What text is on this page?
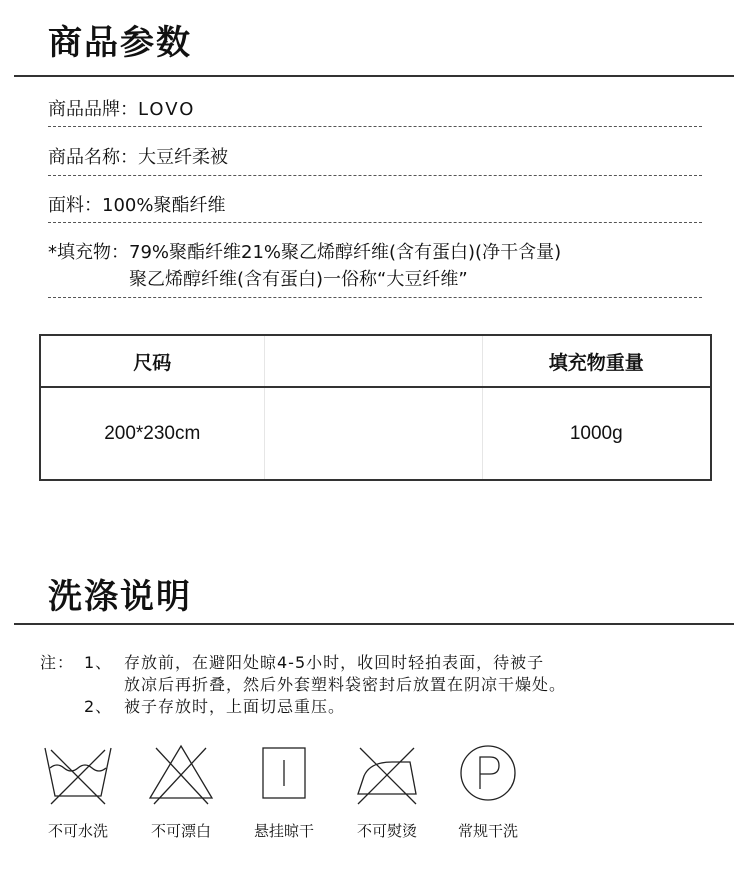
商品参数
商品品牌：LOVO
商品名称：大豆纤柔被
面料：100%聚酯纤维
*填充物： 79%聚酯纤维21%聚乙烯醇纤维(含有蛋白)(净干含量)
聚乙烯醇纤维(含有蛋白)一俗称“大豆纤维”
尺码		填充物重量
200*230cm		1000g
洗涤说明
注： 1、 存放前，在避阳处晾4-5小时，收回时轻拍表面，待被子
放凉后再折叠，然后外套塑料袋密封后放置在阴凉干燥处。
2、 被子存放时，上面切忌重压。
不可水洗	不可漂白	悬挂晾干	不可熨烫	常规干洗
